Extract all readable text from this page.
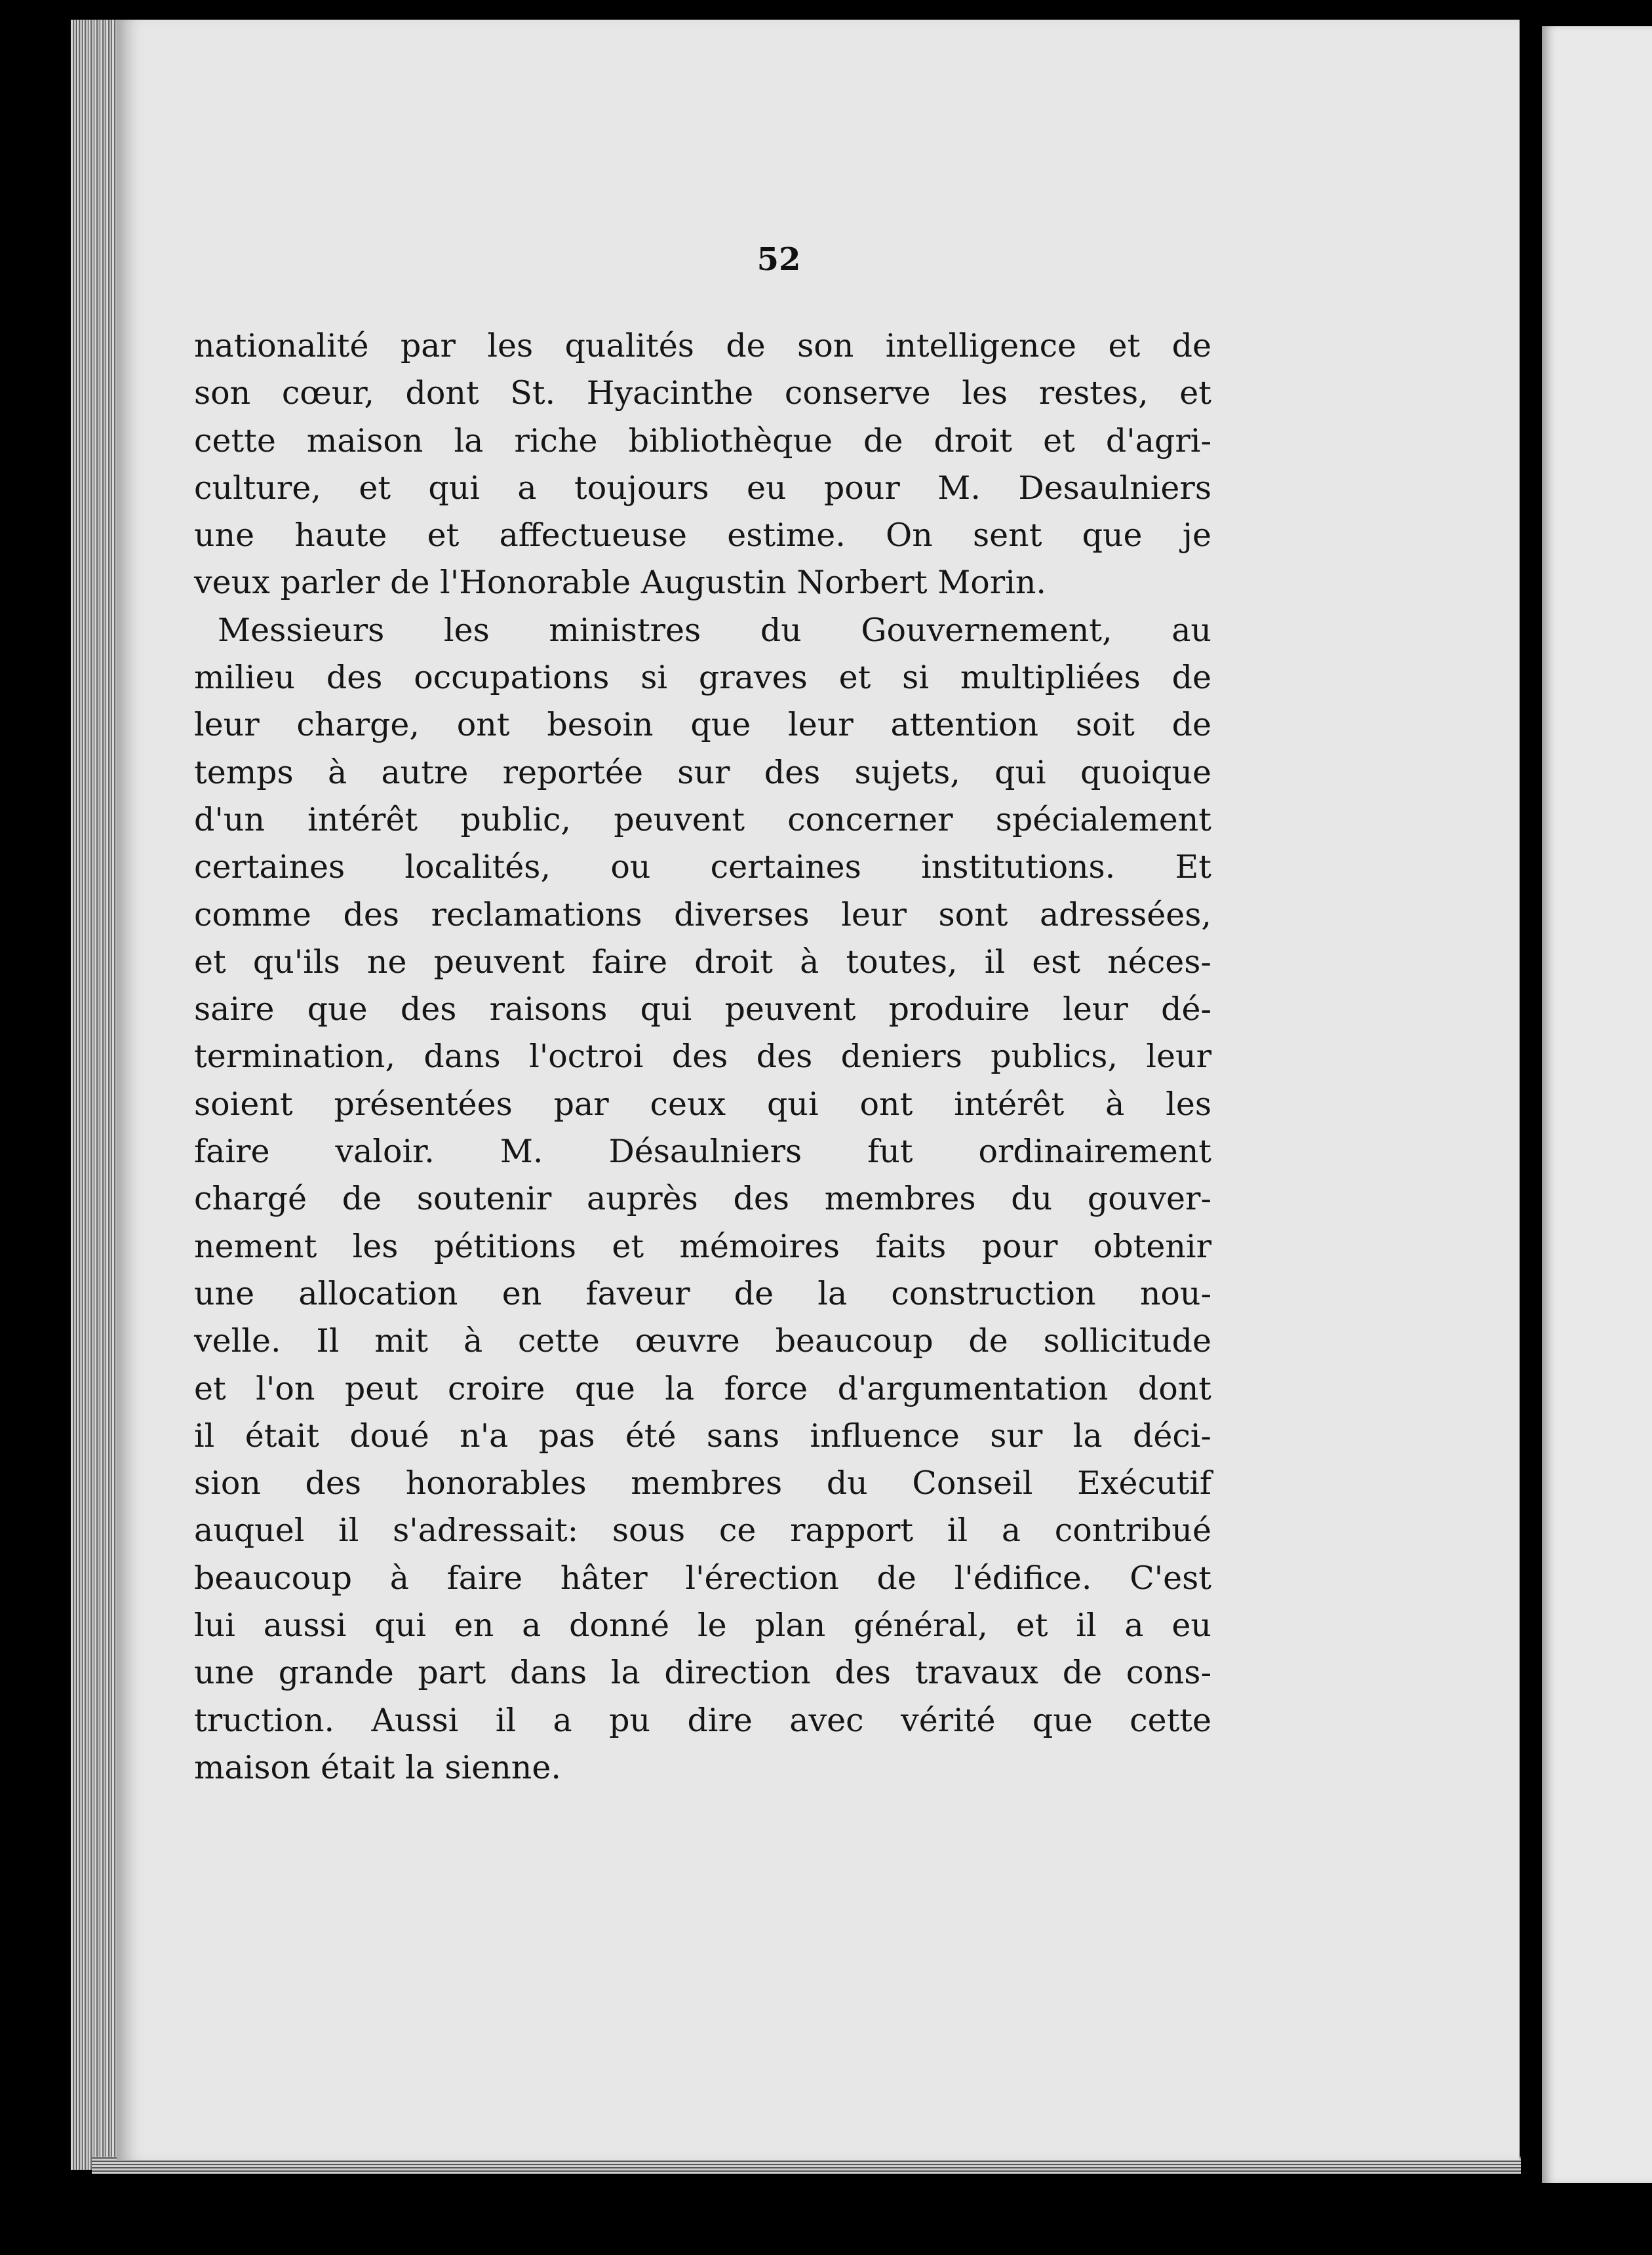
52
nationalité par les qualités de son intelligence et de
son cœur, dont St. Hyacinthe conserve les restes, et
cette maison la riche bibliothèque de droit et d'agri-
culture, et qui a toujours eu pour M. Desaulniers
une haute et affectueuse estime. On sent que je
veux parler de l'Honorable Augustin Norbert Morin.
Messieurs les ministres du Gouvernement, au
milieu des occupations si graves et si multipliées de
leur charge, ont besoin que leur attention soit de
temps à autre reportée sur des sujets, qui quoique
d'un intérêt public, peuvent concerner spécialement
certaines localités, ou certaines institutions. Et
comme des reclamations diverses leur sont adressées,
et qu'ils ne peuvent faire droit à toutes, il est néces-
saire que des raisons qui peuvent produire leur dé-
termination, dans l'octroi des des deniers publics, leur
soient présentées par ceux qui ont intérêt à les
faire valoir. M. Désaulniers fut ordinairement
chargé de soutenir auprès des membres du gouver-
nement les pétitions et mémoires faits pour obtenir
une allocation en faveur de la construction nou-
velle. Il mit à cette œuvre beaucoup de sollicitude
et l'on peut croire que la force d'argumentation dont
il était doué n'a pas été sans influence sur la déci-
sion des honorables membres du Conseil Exécutif
auquel il s'adressait: sous ce rapport il a contribué
beaucoup à faire hâter l'érection de l'édifice. C'est
lui aussi qui en a donné le plan général, et il a eu
une grande part dans la direction des travaux de cons-
truction. Aussi il a pu dire avec vérité que cette
maison était la sienne.
